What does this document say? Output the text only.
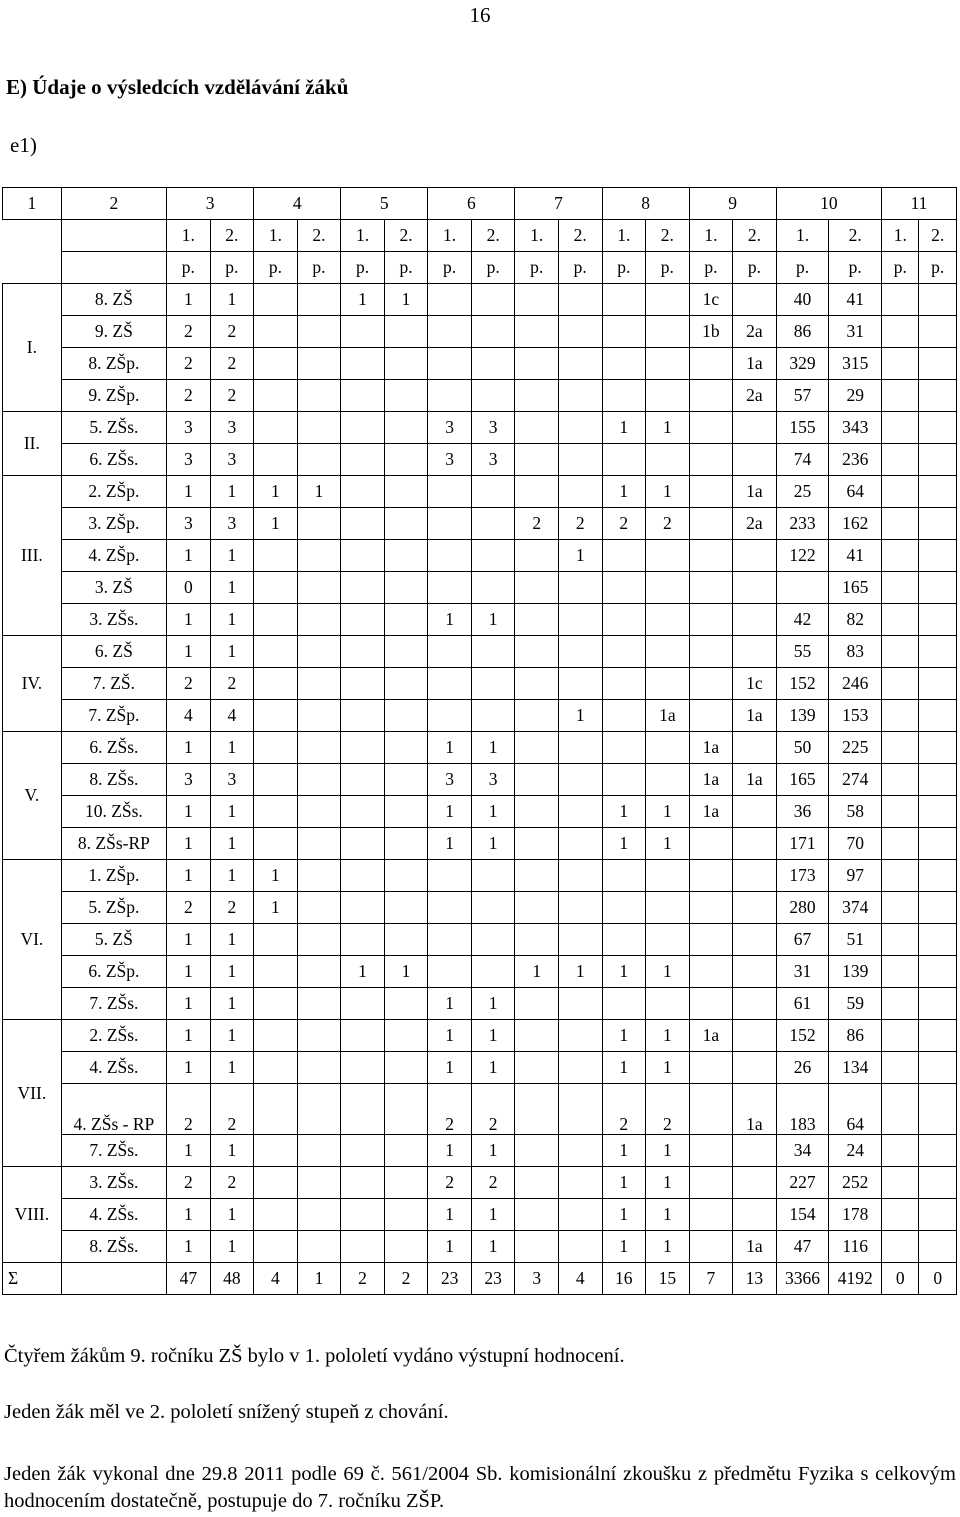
16
E) Údaje o výsledcích vzdělávání žáků
e1)
1	2	3		4		5		6		7		8		9		10		11	
		1.	2.	1.	2.	1.	2.	1.	2.	1.	2.	1.	2.	1.	2.	1.	2.	1.	2.
		p.	p.	p.	p.	p.	p.	p.	p.	p.	p.	p.	p.	p.	p.	p.	p.	p.	p.
I.	8. ZŠ	1	1			1	1							1c		40	41		
	9. ZŠ	2	2											1b	2a	86	31		
	8. ZŠp.	2	2												1a	329	315		
	9. ZŠp.	2	2												2a	57	29		
II.	5. ZŠs.	3	3					3	3			1	1			155	343		
	6. ZŠs.	3	3					3	3							74	236		
III.	2. ZŠp.	1	1	1	1							1	1		1a	25	64		
	3. ZŠp.	3	3	1						2	2	2	2		2a	233	162		
	4. ZŠp.	1	1								1					122	41		
	3. ZŠ	0	1														165		
	3. ZŠs.	1	1					1	1							42	82		
IV.	6. ZŠ	1	1													55	83		
	7. ZŠ.	2	2												1c	152	246		
	7. ZŠp.	4	4								1		1a		1a	139	153		
V.	6. ZŠs.	1	1					1	1					1a		50	225		
	8. ZŠs.	3	3					3	3					1a	1a	165	274		
	10. ZŠs.	1	1					1	1			1	1	1a		36	58		
	8. ZŠs-RP	1	1					1	1			1	1			171	70		
VI.	1. ZŠp.	1	1	1												173	97		
	5. ZŠp.	2	2	1												280	374		
	5. ZŠ	1	1													67	51		
	6. ZŠp.	1	1			1	1			1	1	1	1			31	139		
	7. ZŠs.	1	1					1	1							61	59		
VII.	2. ZŠs.	1	1					1	1			1	1	1a		152	86		
	4. ZŠs.	1	1					1	1			1	1			26	134		
	4. ZŠs - RP	2	2					2	2			2	2		1a	183	64		
	7. ZŠs.	1	1					1	1			1	1			34	24		
VIII.	3. ZŠs.	2	2					2	2			1	1			227	252		
	4. ZŠs.	1	1					1	1			1	1			154	178		
	8. ZŠs.	1	1					1	1			1	1		1a	47	116		
Σ		47	48	4	1	2	2	23	23	3	4	16	15	7	13	3366	4192	0	0
Čtyřem žákům 9. ročníku ZŠ bylo v 1. pololetí vydáno výstupní hodnocení.
Jeden žák měl ve 2. pololetí snížený stupeň z chování.
Jeden žák vykonal dne 29.8 2011 podle 69 č. 561/2004 Sb. komisionální zkoušku z předmětu Fyzika s celkovým hodnocením dostatečně, postupuje do 7. ročníku ZŠP.
